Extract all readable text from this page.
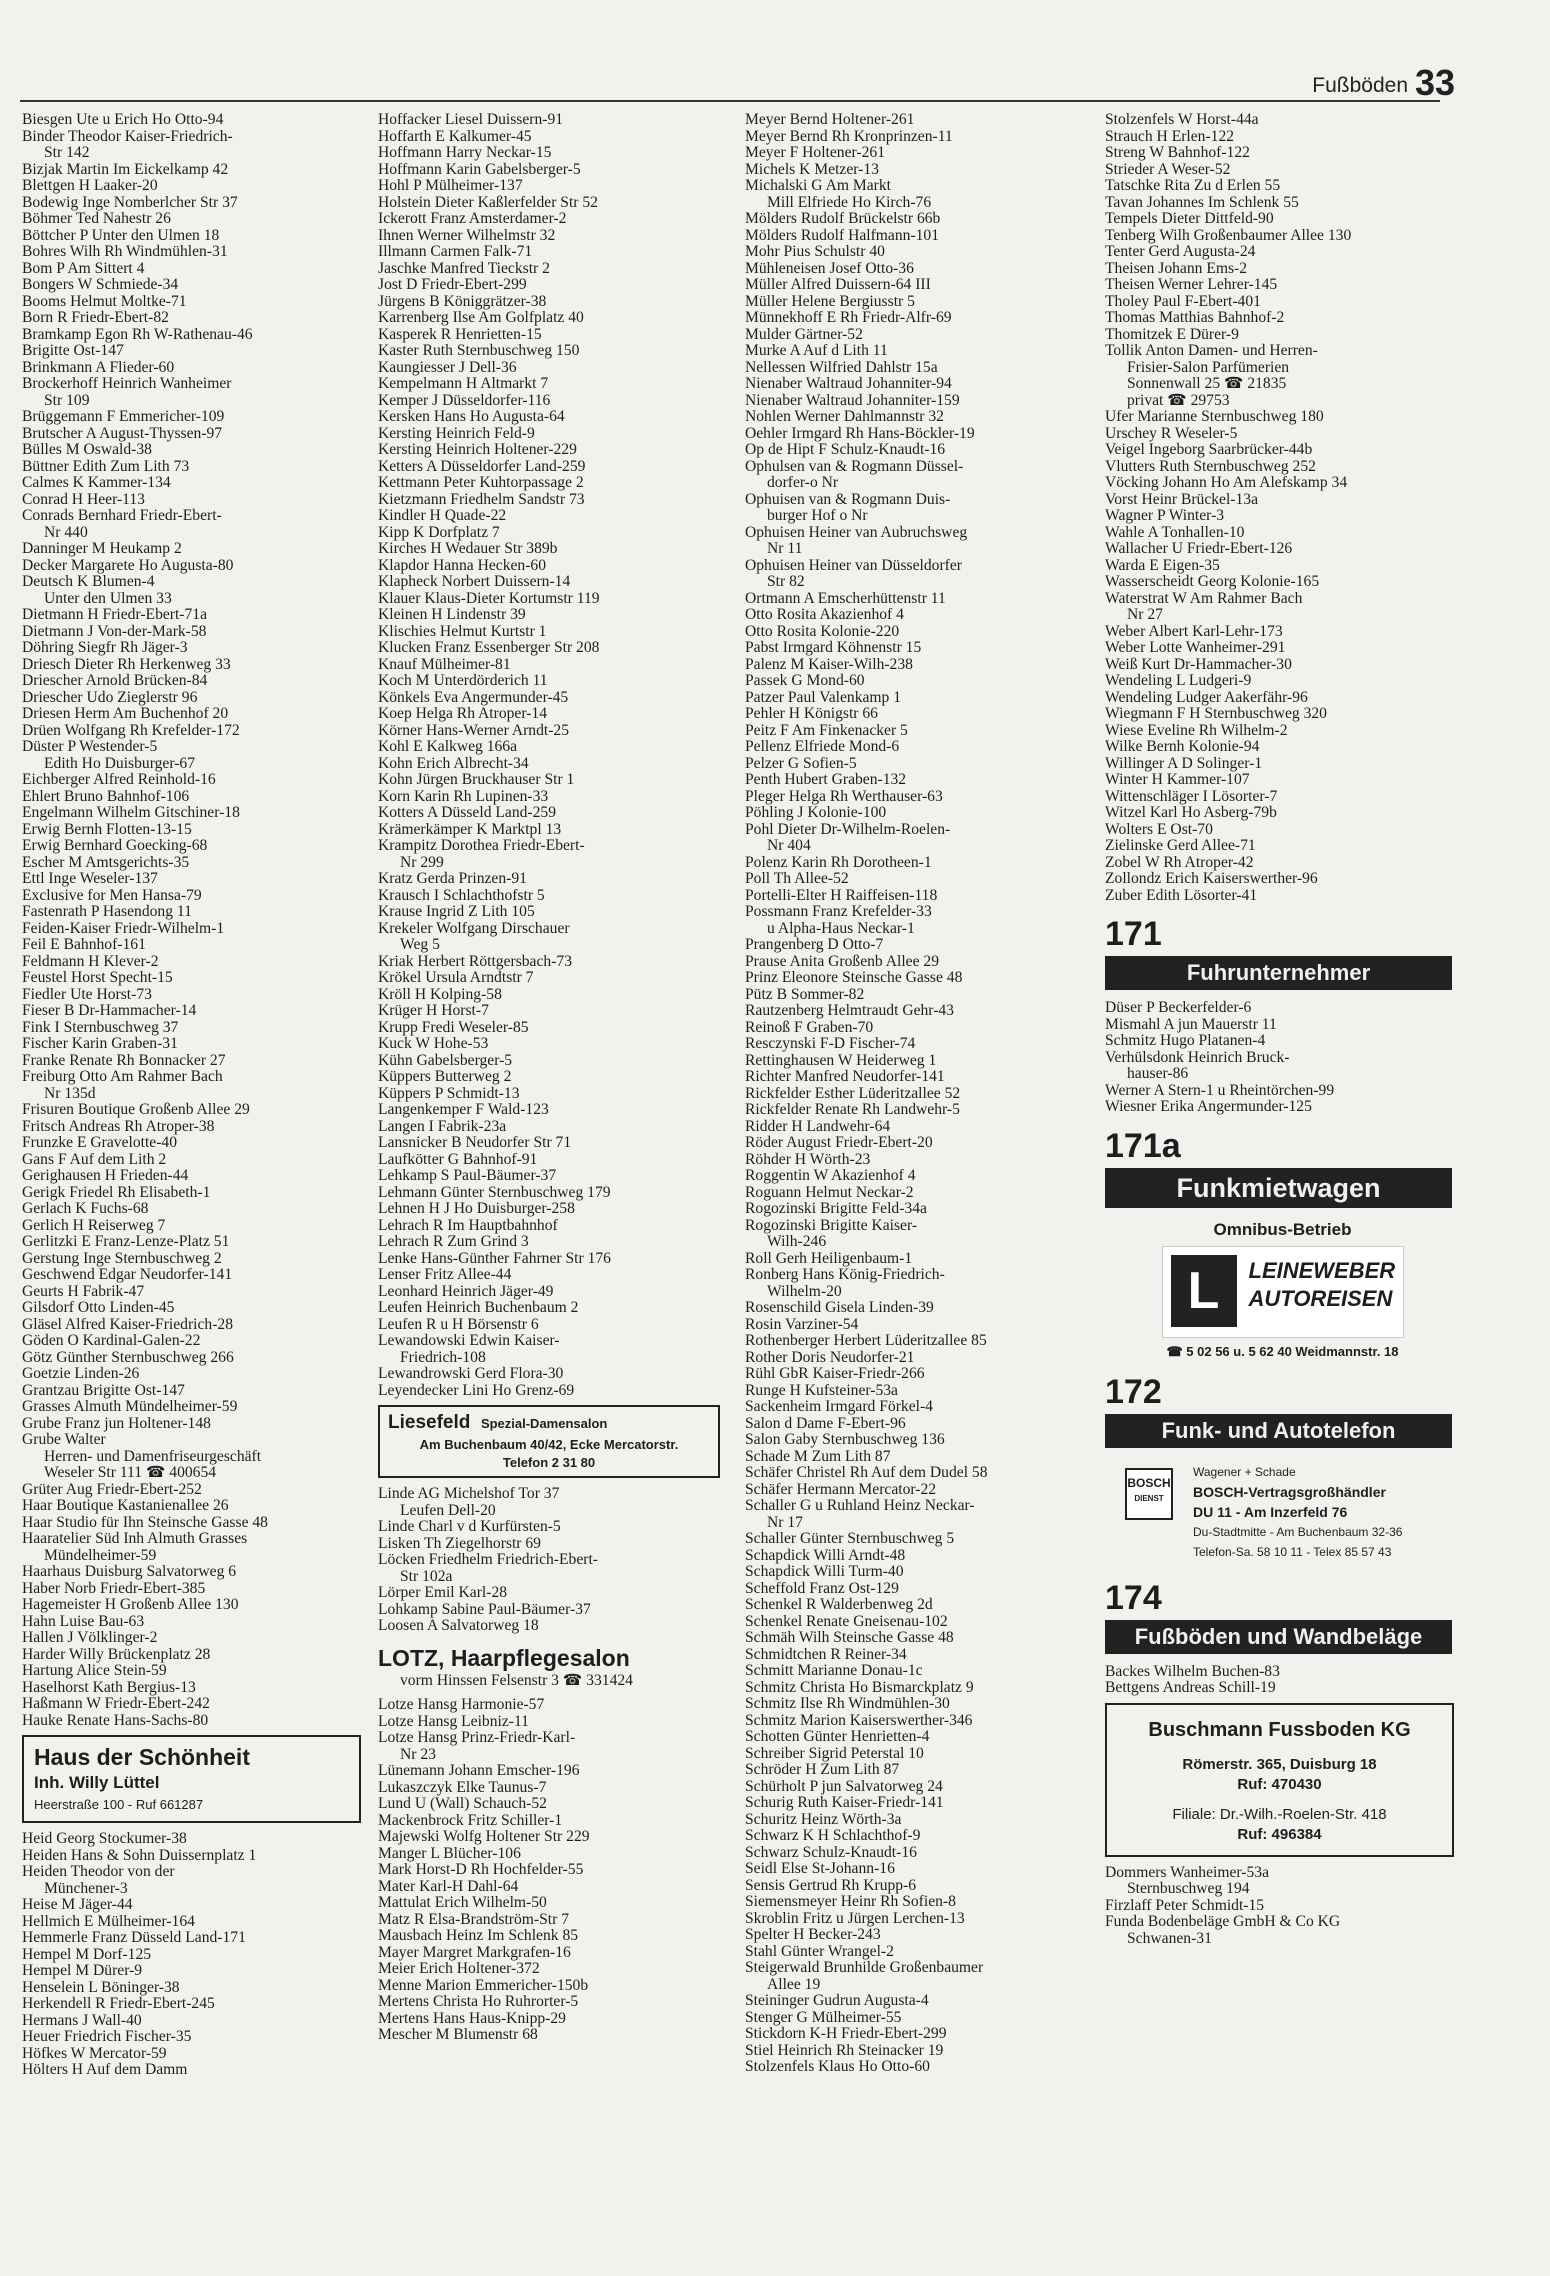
Fußböden 33
Biesgen Ute u Erich Ho Otto-94
Binder Theodor Kaiser-Friedrich-
Str 142
Bizjak Martin Im Eickelkamp 42
Blettgen H Laaker-20
Bodewig Inge Nomberlcher Str 37
Böhmer Ted Nahestr 26
Böttcher P Unter den Ulmen 18
Bohres Wilh Rh Windmühlen-31
Bom P Am Sittert 4
Bongers W Schmiede-34
Booms Helmut Moltke-71
Born R Friedr-Ebert-82
Bramkamp Egon Rh W-Rathenau-46
Brigitte Ost-147
Brinkmann A Flieder-60
Brockerhoff Heinrich Wanheimer
Str 109
Brüggemann F Emmericher-109
Brutscher A August-Thyssen-97
Bülles M Oswald-38
Büttner Edith Zum Lith 73
Calmes K Kammer-134
Conrad H Heer-113
Conrads Bernhard Friedr-Ebert-
Nr 440
Danninger M Heukamp 2
Decker Margarete Ho Augusta-80
Deutsch K Blumen-4
Unter den Ulmen 33
Dietmann H Friedr-Ebert-71a
Dietmann J Von-der-Mark-58
Döhring Siegfr Rh Jäger-3
Driesch Dieter Rh Herkenweg 33
Driescher Arnold Brücken-84
Driescher Udo Zieglerstr 96
Driesen Herm Am Buchenhof 20
Drüen Wolfgang Rh Krefelder-172
Düster P Westender-5
Edith Ho Duisburger-67
Eichberger Alfred Reinhold-16
Ehlert Bruno Bahnhof-106
Engelmann Wilhelm Gitschiner-18
Erwig Bernh Flotten-13-15
Erwig Bernhard Goecking-68
Escher M Amtsgerichts-35
Ettl Inge Weseler-137
Exclusive for Men Hansa-79
Fastenrath P Hasendong 11
Feiden-Kaiser Friedr-Wilhelm-1
Feil E Bahnhof-161
Feldmann H Klever-2
Feustel Horst Specht-15
Fiedler Ute Horst-73
Fieser B Dr-Hammacher-14
Fink I Sternbuschweg 37
Fischer Karin Graben-31
Franke Renate Rh Bonnacker 27
Freiburg Otto Am Rahmer Bach
Nr 135d
Frisuren Boutique Großenb Allee 29
Fritsch Andreas Rh Atroper-38
Frunzke E Gravelotte-40
Gans F Auf dem Lith 2
Gerighausen H Frieden-44
Gerigk Friedel Rh Elisabeth-1
Gerlach K Fuchs-68
Gerlich H Reiserweg 7
Gerlitzki E Franz-Lenze-Platz 51
Gerstung Inge Sternbuschweg 2
Geschwend Edgar Neudorfer-141
Geurts H Fabrik-47
Gilsdorf Otto Linden-45
Gläsel Alfred Kaiser-Friedrich-28
Göden O Kardinal-Galen-22
Götz Günther Sternbuschweg 266
Goetzie Linden-26
Grantzau Brigitte Ost-147
Grasses Almuth Mündelheimer-59
Grube Franz jun Holtener-148
Grube Walter
Herren- und Damenfriseurgeschäft
Weseler Str 111 ☎ 400654
Grüter Aug Friedr-Ebert-252
Haar Boutique Kastanienallee 26
Haar Studio für Ihn Steinsche Gasse 48
Haaratelier Süd Inh Almuth Grasses
Mündelheimer-59
Haarhaus Duisburg Salvatorweg 6
Haber Norb Friedr-Ebert-385
Hagemeister H Großenb Allee 130
Hahn Luise Bau-63
Hallen J Völklinger-2
Harder Willy Brückenplatz 28
Hartung Alice Stein-59
Haselhorst Kath Bergius-13
Haßmann W Friedr-Ebert-242
Hauke Renate Hans-Sachs-80
Haus der Schönheit
Inh. Willy Lüttel
Heerstraße 100 - Ruf 661287
Heid Georg Stockumer-38
Heiden Hans & Sohn Duissernplatz 1
Heiden Theodor von der
Münchener-3
Heise M Jäger-44
Hellmich E Mülheimer-164
Hemmerle Franz Düsseld Land-171
Hempel M Dorf-125
Hempel M Dürer-9
Henselein L Böninger-38
Herkendell R Friedr-Ebert-245
Hermans J Wall-40
Heuer Friedrich Fischer-35
Höfkes W Mercator-59
Hölters H Auf dem Damm
Hoffacker Liesel Duissern-91
Hoffarth E Kalkumer-45
Hoffmann Harry Neckar-15
Hoffmann Karin Gabelsberger-5
Hohl P Mülheimer-137
Holstein Dieter Kaßlerfelder Str 52
Ickerott Franz Amsterdamer-2
Ihnen Werner Wilhelmstr 32
Illmann Carmen Falk-71
Jaschke Manfred Tieckstr 2
Jost D Friedr-Ebert-299
Jürgens B Königgrätzer-38
Karrenberg Ilse Am Golfplatz 40
Kasperek R Henrietten-15
Kaster Ruth Sternbuschweg 150
Kaungiesser J Dell-36
Kempelmann H Altmarkt 7
Kemper J Düsseldorfer-116
Kersken Hans Ho Augusta-64
Kersting Heinrich Feld-9
Kersting Heinrich Holtener-229
Ketters A Düsseldorfer Land-259
Kettmann Peter Kuhtorpassage 2
Kietzmann Friedhelm Sandstr 73
Kindler H Quade-22
Kipp K Dorfplatz 7
Kirches H Wedauer Str 389b
Klapdor Hanna Hecken-60
Klapheck Norbert Duissern-14
Klauer Klaus-Dieter Kortumstr 119
Kleinen H Lindenstr 39
Klischies Helmut Kurtstr 1
Klucken Franz Essenberger Str 208
Knauf Mülheimer-81
Koch M Unterdörderich 11
Könkels Eva Angermunder-45
Koep Helga Rh Atroper-14
Körner Hans-Werner Arndt-25
Kohl E Kalkweg 166a
Kohn Erich Albrecht-34
Kohn Jürgen Bruckhauser Str 1
Korn Karin Rh Lupinen-33
Kotters A Düsseld Land-259
Krämerkämper K Marktpl 13
Krampitz Dorothea Friedr-Ebert-
Nr 299
Kratz Gerda Prinzen-91
Krausch I Schlachthofstr 5
Krause Ingrid Z Lith 105
Krekeler Wolfgang Dirschauer
Weg 5
Kriak Herbert Röttgersbach-73
Krökel Ursula Arndtstr 7
Kröll H Kolping-58
Krüger H Horst-7
Krupp Fredi Weseler-85
Kuck W Hohe-53
Kühn Gabelsberger-5
Küppers Butterweg 2
Küppers P Schmidt-13
Langenkemper F Wald-123
Langen I Fabrik-23a
Lansnicker B Neudorfer Str 71
Laufkötter G Bahnhof-91
Lehkamp S Paul-Bäumer-37
Lehmann Günter Sternbuschweg 179
Lehnen H J Ho Duisburger-258
Lehrach R Im Hauptbahnhof
Lehrach R Zum Grind 3
Lenke Hans-Günther Fahrner Str 176
Lenser Fritz Allee-44
Leonhard Heinrich Jäger-49
Leufen Heinrich Buchenbaum 2
Leufen R u H Börsenstr 6
Lewandowski Edwin Kaiser-
Friedrich-108
Lewandrowski Gerd Flora-30
Leyendecker Lini Ho Grenz-69
Liesefeld Spezial-Damensalon
Am Buchenbaum 40/42, Ecke Mercatorstr.
Telefon 2 31 80
Linde AG Michelshof Tor 37
Leufen Dell-20
Linde Charl v d Kurfürsten-5
Lisken Th Ziegelhorstr 69
Löcken Friedhelm Friedrich-Ebert-
Str 102a
Lörper Emil Karl-28
Lohkamp Sabine Paul-Bäumer-37
Loosen A Salvatorweg 18
LOTZ, Haarpflegesalon
vorm Hinssen Felsenstr 3 ☎ 331424
Lotze Hansg Harmonie-57
Lotze Hansg Leibniz-11
Lotze Hansg Prinz-Friedr-Karl-
Nr 23
Lünemann Johann Emscher-196
Lukaszczyk Elke Taunus-7
Lund U (Wall) Schauch-52
Mackenbrock Fritz Schiller-1
Majewski Wolfg Holtener Str 229
Manger L Blücher-106
Mark Horst-D Rh Hochfelder-55
Mater Karl-H Dahl-64
Mattulat Erich Wilhelm-50
Matz R Elsa-Brandström-Str 7
Mausbach Heinz Im Schlenk 85
Mayer Margret Markgrafen-16
Meier Erich Holtener-372
Menne Marion Emmericher-150b
Mertens Christa Ho Ruhrorter-5
Mertens Hans Haus-Knipp-29
Mescher M Blumenstr 68
Meyer Bernd Holtener-261
Meyer Bernd Rh Kronprinzen-11
Meyer F Holtener-261
Michels K Metzer-13
Michalski G Am Markt
Mill Elfriede Ho Kirch-76
Mölders Rudolf Brückelstr 66b
Mölders Rudolf Halfmann-101
Mohr Pius Schulstr 40
Mühleneisen Josef Otto-36
Müller Alfred Duissern-64 III
Müller Helene Bergiusstr 5
Münnekhoff E Rh Friedr-Alfr-69
Mulder Gärtner-52
Murke A Auf d Lith 11
Nellessen Wilfried Dahlstr 15a
Nienaber Waltraud Johanniter-94
Nienaber Waltraud Johanniter-159
Nohlen Werner Dahlmannstr 32
Oehler Irmgard Rh Hans-Böckler-19
Op de Hipt F Schulz-Knaudt-16
Ophulsen van & Rogmann Düssel-
dorfer-o Nr
Ophuisen van & Rogmann Duis-
burger Hof o Nr
Ophuisen Heiner van Aubruchsweg
Nr 11
Ophuisen Heiner van Düsseldorfer
Str 82
Ortmann A Emscherhüttenstr 11
Otto Rosita Akazienhof 4
Otto Rosita Kolonie-220
Pabst Irmgard Köhnenstr 15
Palenz M Kaiser-Wilh-238
Passek G Mond-60
Patzer Paul Valenkamp 1
Pehler H Königstr 66
Peitz F Am Finkenacker 5
Pellenz Elfriede Mond-6
Pelzer G Sofien-5
Penth Hubert Graben-132
Pleger Helga Rh Werthauser-63
Pöhling J Kolonie-100
Pohl Dieter Dr-Wilhelm-Roelen-
Nr 404
Polenz Karin Rh Dorotheen-1
Poll Th Allee-52
Portelli-Elter H Raiffeisen-118
Possmann Franz Krefelder-33
u Alpha-Haus Neckar-1
Prangenberg D Otto-7
Prause Anita Großenb Allee 29
Prinz Eleonore Steinsche Gasse 48
Pütz B Sommer-82
Rautzenberg Helmtraudt Gehr-43
Reinoß F Graben-70
Resczynski F-D Fischer-74
Rettinghausen W Heiderweg 1
Richter Manfred Neudorfer-141
Rickfelder Esther Lüderitzallee 52
Rickfelder Renate Rh Landwehr-5
Ridder H Landwehr-64
Röder August Friedr-Ebert-20
Röhder H Wörth-23
Roggentin W Akazienhof 4
Roguann Helmut Neckar-2
Rogozinski Brigitte Feld-34a
Rogozinski Brigitte Kaiser-
Wilh-246
Roll Gerh Heiligenbaum-1
Ronberg Hans König-Friedrich-
Wilhelm-20
Rosenschild Gisela Linden-39
Rosin Varziner-54
Rothenberger Herbert Lüderitzallee 85
Rother Doris Neudorfer-21
Rühl GbR Kaiser-Friedr-266
Runge H Kufsteiner-53a
Sackenheim Irmgard Förkel-4
Salon d Dame F-Ebert-96
Salon Gaby Sternbuschweg 136
Schade M Zum Lith 87
Schäfer Christel Rh Auf dem Dudel 58
Schäfer Hermann Mercator-22
Schaller G u Ruhland Heinz Neckar-
Nr 17
Schaller Günter Sternbuschweg 5
Schapdick Willi Arndt-48
Schapdick Willi Turm-40
Scheffold Franz Ost-129
Schenkel R Walderbenweg 2d
Schenkel Renate Gneisenau-102
Schmäh Wilh Steinsche Gasse 48
Schmidtchen R Reiner-34
Schmitt Marianne Donau-1c
Schmitz Christa Ho Bismarckplatz 9
Schmitz Ilse Rh Windmühlen-30
Schmitz Marion Kaiserswerther-346
Schotten Günter Henrietten-4
Schreiber Sigrid Peterstal 10
Schröder H Zum Lith 87
Schürholt P jun Salvatorweg 24
Schurig Ruth Kaiser-Friedr-141
Schuritz Heinz Wörth-3a
Schwarz K H Schlachthof-9
Schwarz Schulz-Knaudt-16
Seidl Else St-Johann-16
Sensis Gertrud Rh Krupp-6
Siemensmeyer Heinr Rh Sofien-8
Skroblin Fritz u Jürgen Lerchen-13
Spelter H Becker-243
Stahl Günter Wrangel-2
Steigerwald Brunhilde Großenbaumer
Allee 19
Steininger Gudrun Augusta-4
Stenger G Mülheimer-55
Stickdorn K-H Friedr-Ebert-299
Stiel Heinrich Rh Steinacker 19
Stolzenfels Klaus Ho Otto-60
Stolzenfels W Horst-44a
Strauch H Erlen-122
Streng W Bahnhof-122
Strieder A Weser-52
Tatschke Rita Zu d Erlen 55
Tavan Johannes Im Schlenk 55
Tempels Dieter Dittfeld-90
Tenberg Wilh Großenbaumer Allee 130
Tenter Gerd Augusta-24
Theisen Johann Ems-2
Theisen Werner Lehrer-145
Tholey Paul F-Ebert-401
Thomas Matthias Bahnhof-2
Thomitzek E Dürer-9
Tollik Anton Damen- und Herren-
Frisier-Salon Parfümerien
Sonnenwall 25 ☎ 21835
privat ☎ 29753
Ufer Marianne Sternbuschweg 180
Urschey R Weseler-5
Veigel Ingeborg Saarbrücker-44b
Vlutters Ruth Sternbuschweg 252
Vöcking Johann Ho Am Alefskamp 34
Vorst Heinr Brückel-13a
Wagner P Winter-3
Wahle A Tonhallen-10
Wallacher U Friedr-Ebert-126
Warda E Eigen-35
Wasserscheidt Georg Kolonie-165
Waterstrat W Am Rahmer Bach
Nr 27
Weber Albert Karl-Lehr-173
Weber Lotte Wanheimer-291
Weiß Kurt Dr-Hammacher-30
Wendeling L Ludgeri-9
Wendeling Ludger Aakerfähr-96
Wiegmann F H Sternbuschweg 320
Wiese Eveline Rh Wilhelm-2
Wilke Bernh Kolonie-94
Willinger A D Solinger-1
Winter H Kammer-107
Wittenschläger I Lösorter-7
Witzel Karl Ho Asberg-79b
Wolters E Ost-70
Zielinske Gerd Allee-71
Zobel W Rh Atroper-42
Zollondz Erich Kaiserswerther-96
Zuber Edith Lösorter-41
171
Fuhrunternehmer
Düser P Beckerfelder-6
Mismahl A jun Mauerstr 11
Schmitz Hugo Platanen-4
Verhülsdonk Heinrich Bruck-
hauser-86
Werner A Stern-1 u Rheintörchen-99
Wiesner Erika Angermunder-125
171a
Funkmietwagen
Omnibus-Betrieb
L	LEINEWEBER
AUTOREISEN
☎ 5 02 56 u. 5 62 40 Weidmannstr. 18
172
Funk- und Autotelefon
BOSCH
DIENST
Wagener + Schade
BOSCH-Vertragsgroßhändler
DU 11 - Am Inzerfeld 76
Du-Stadtmitte - Am Buchenbaum 32-36
Telefon-Sa. 58 10 11 - Telex 85 57 43
174
Fußböden und Wandbeläge
Backes Wilhelm Buchen-83
Bettgens Andreas Schill-19
Buschmann Fussboden KG
Römerstr. 365, Duisburg 18
Ruf: 470430
Filiale: Dr.-Wilh.-Roelen-Str. 418
Ruf: 496384
Dommers Wanheimer-53a
Sternbuschweg 194
Firzlaff Peter Schmidt-15
Funda Bodenbeläge GmbH & Co KG
Schwanen-31
